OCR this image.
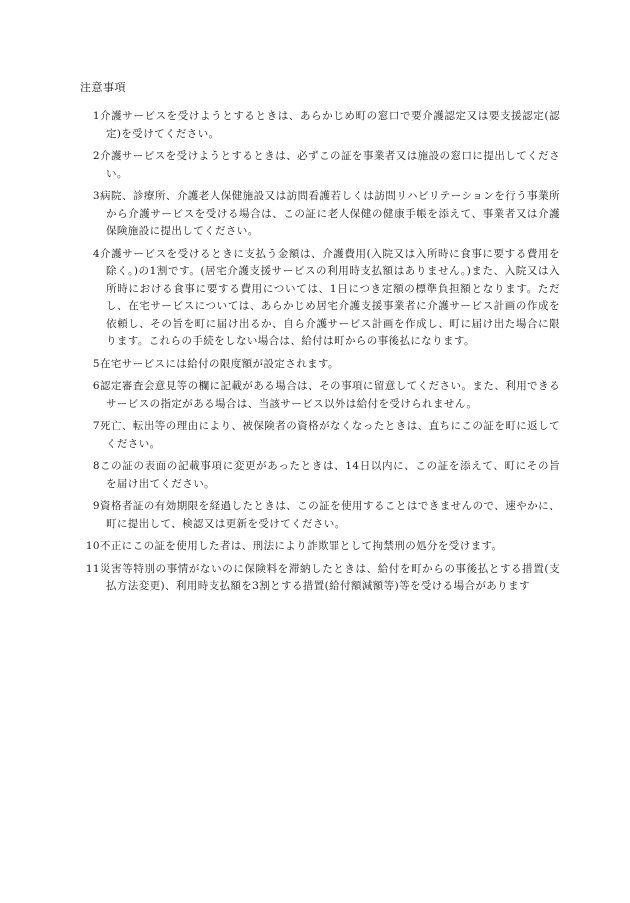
注意事項
1 介護サービスを受けようとするときは、あらかじめ町の窓口で要介護認定又は要支援認定(認定)を受けてください。
2 介護サービスを受けようとするときは、必ずこの証を事業者又は施設の窓口に提出してください。
3 病院、診療所、介護老人保健施設又は訪問看護若しくは訪問リハビリテーションを行う事業所から介護サービスを受ける場合は、この証に老人保健の健康手帳を添えて、事業者又は介護保険施設に提出してください。
4 介護サービスを受けるときに支払う金額は、介護費用(入院又は入所時に食事に要する費用を除く。)の1割です。(居宅介護支援サービスの利用時支払額はありません。)また、入院又は入所時における食事に要する費用については、1日につき定額の標準負担額となります。ただし、在宅サービスについては、あらかじめ居宅介護支援事業者に介護サービス計画の作成を依頼し、その旨を町に届け出るか、自ら介護サービス計画を作成し、町に届け出た場合に限ります。これらの手続をしない場合は、給付は町からの事後払になります。
5 在宅サービスには給付の限度額が設定されます。
6 認定審査会意見等の欄に記載がある場合は、その事項に留意してください。また、利用できるサービスの指定がある場合は、当該サービス以外は給付を受けられません。
7 死亡、転出等の理由により、被保険者の資格がなくなったときは、直ちにこの証を町に返してください。
8 この証の表面の記載事項に変更があったときは、14日以内に、この証を添えて、町にその旨を届け出てください。
9 資格者証の有効期限を経過したときは、この証を使用することはできませんので、速やかに、町に提出して、検認又は更新を受けてください。
10 不正にこの証を使用した者は、刑法により詐欺罪として拘禁刑の処分を受けます。
11 災害等特別の事情がないのに保険料を滞納したときは、給付を町からの事後払とする措置(支払方法変更)、利用時支払額を3割とする措置(給付額減額等)等を受ける場合があります
